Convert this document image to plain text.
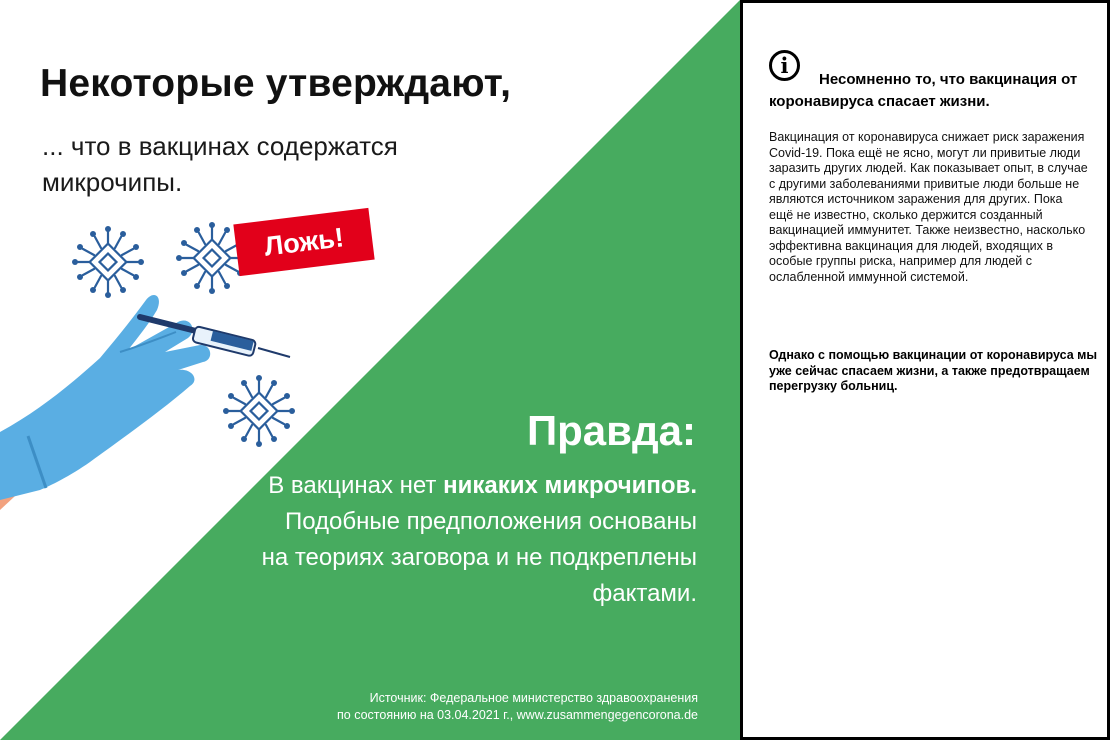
Некоторые утверждают,

... что в вакцинах содержатся микрочипы.

Ложь!
Правда:

В вакцинах нет никаких микрочипов. Подобные предположения основаны на теориях заговора и не подкреплены фактами.

Источник: Федеральное министерство здравоохранения
по состоянию на 03.04.2021 г., www.zusammengegencorona.de

i

Несомненно то, что вакцинация от коронавируса спасает жизни.

Вакцинация от коронавируса снижает риск заражения Covid-19. Пока ещё не ясно, могут ли привитые люди заразить других людей. Как показывает опыт, в случае с другими заболеваниями привитые люди больше не являются источником заражения для других. Пока ещё не известно, сколько держится созданный вакцинацией иммунитет. Также неизвестно, насколько эффективна вакцинация для людей, входящих в особые группы риска, например для людей с ослабленной иммунной системой.

Однако с помощью вакцинации от коронавируса мы уже сейчас спасаем жизни, а также предотвращаем перегрузку больниц.
